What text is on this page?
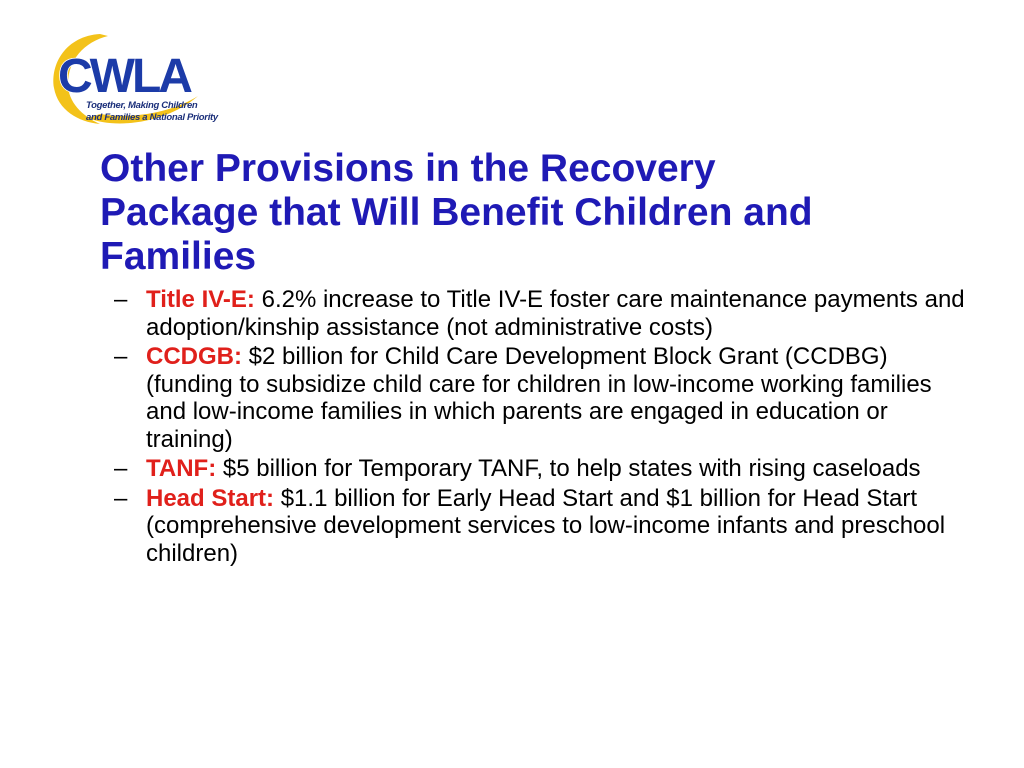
CWLA
Together, Making Children
and Families a National Priority
Other Provisions in the Recovery
Package that Will Benefit Children and
Families
– Title IV-E: 6.2% increase to Title IV-E foster care maintenance payments and adoption/kinship assistance (not administrative costs)
– CCDGB: $2 billion for Child Care Development Block Grant (CCDBG) (funding to subsidize child care for children in low-income working families and low-income families in which parents are engaged in education or training)
– TANF: $5 billion for Temporary TANF, to help states with rising caseloads
– Head Start: $1.1 billion for Early Head Start and $1 billion for Head Start (comprehensive development services to low-income infants and preschool children)
